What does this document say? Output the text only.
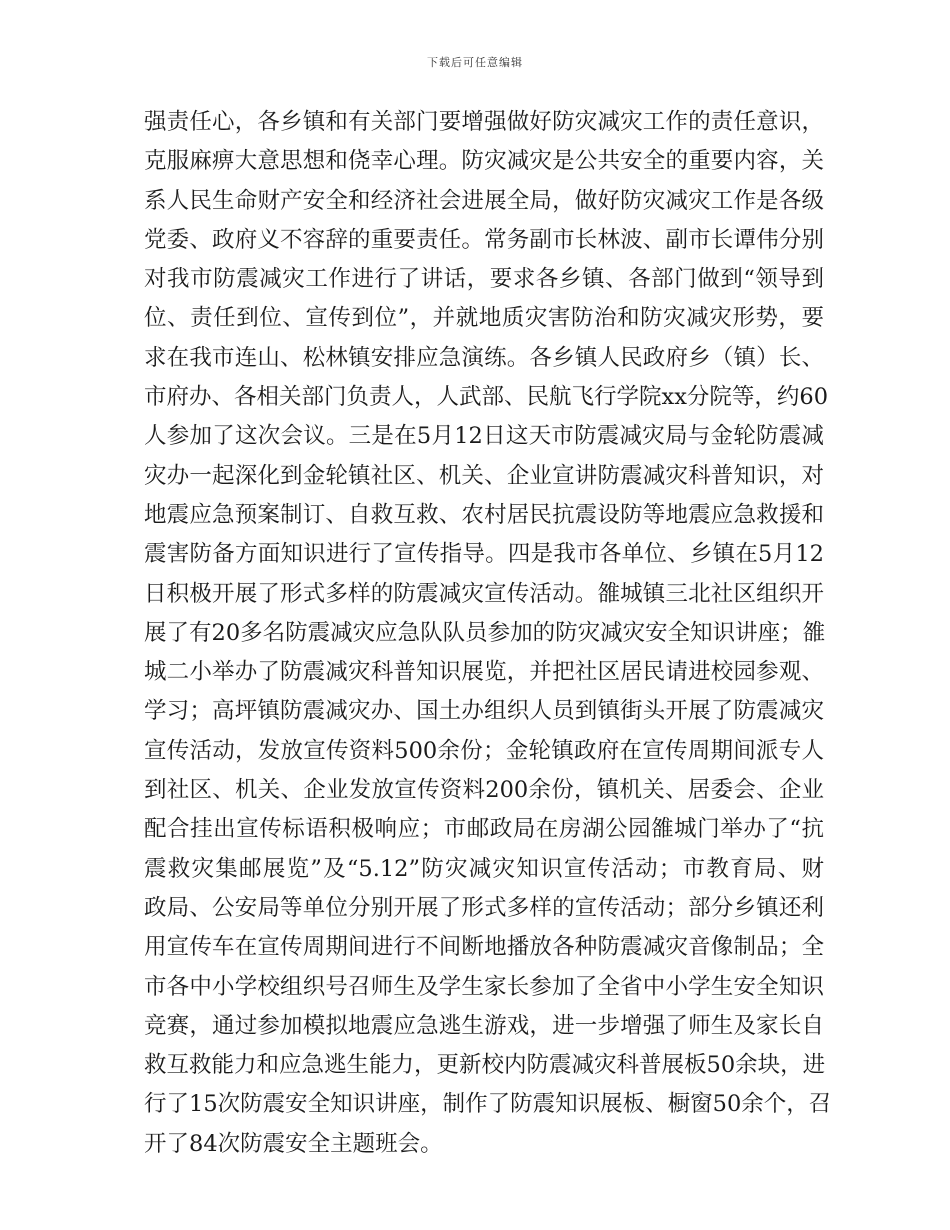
下载后可任意编辑
强责任心，各乡镇和有关部门要增强做好防灾减灾工作的责任意识，
克服麻痹大意思想和侥幸心理。防灾减灾是公共安全的重要内容，关
系人民生命财产安全和经济社会进展全局，做好防灾减灾工作是各级
党委、政府义不容辞的重要责任。常务副市长林波、副市长谭伟分别
对我市防震减灾工作进行了讲话，要求各乡镇、各部门做到“领导到
位、责任到位、宣传到位”，并就地质灾害防治和防灾减灾形势，要
求在我市连山、松林镇安排应急演练。各乡镇人民政府乡（镇）长、
市府办、各相关部门负责人，人武部、民航飞行学院xx分院等，约60
人参加了这次会议。三是在5月12日这天市防震减灾局与金轮防震减
灾办一起深化到金轮镇社区、机关、企业宣讲防震减灾科普知识，对
地震应急预案制订、自救互救、农村居民抗震设防等地震应急救援和
震害防备方面知识进行了宣传指导。四是我市各单位、乡镇在5月12
日积极开展了形式多样的防震减灾宣传活动。雒城镇三北社区组织开
展了有20多名防震减灾应急队队员参加的防灾减灾安全知识讲座；雒
城二小举办了防震减灾科普知识展览，并把社区居民请进校园参观、
学习；高坪镇防震减灾办、国土办组织人员到镇街头开展了防震减灾
宣传活动，发放宣传资料500余份；金轮镇政府在宣传周期间派专人
到社区、机关、企业发放宣传资料200余份，镇机关、居委会、企业
配合挂出宣传标语积极响应；市邮政局在房湖公园雒城门举办了“抗
震救灾集邮展览”及“5.12”防灾减灾知识宣传活动；市教育局、财
政局、公安局等单位分别开展了形式多样的宣传活动；部分乡镇还利
用宣传车在宣传周期间进行不间断地播放各种防震减灾音像制品；全
市各中小学校组织号召师生及学生家长参加了全省中小学生安全知识
竞赛，通过参加模拟地震应急逃生游戏，进一步增强了师生及家长自
救互救能力和应急逃生能力，更新校内防震减灾科普展板50余块，进
行了15次防震安全知识讲座，制作了防震知识展板、橱窗50余个，召
开了84次防震安全主题班会。
